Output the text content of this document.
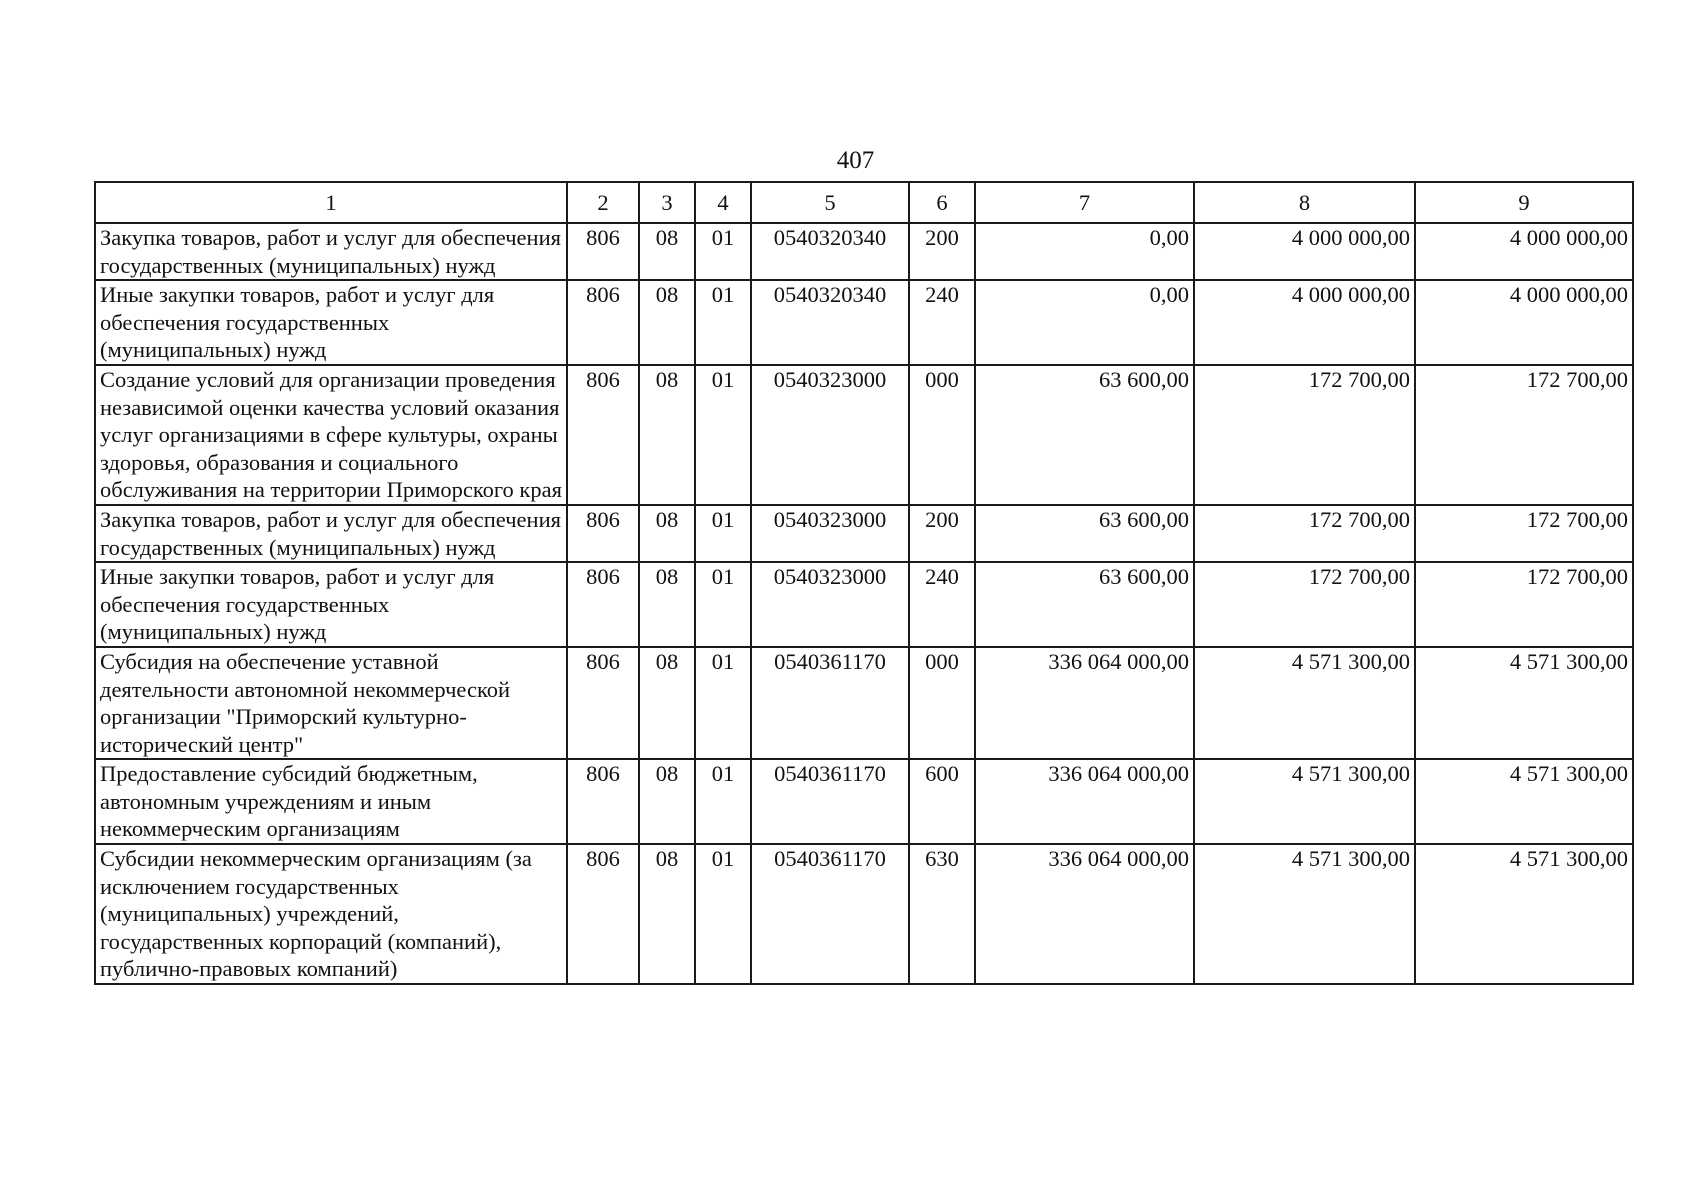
407
1	2	3	4	5	6	7	8	9
Закупка товаров, работ и услуг для обеспечения государственных (муниципальных) нужд	806	08	01	0540320340	200	0,00	4 000 000,00	4 000 000,00
Иные закупки товаров, работ и услуг для обеспечения государственных (муниципальных) нужд	806	08	01	0540320340	240	0,00	4 000 000,00	4 000 000,00
Создание условий для организации проведения независимой оценки качества условий оказания услуг организациями в сфере культуры, охраны здоровья, образования и социального обслуживания на территории Приморского края	806	08	01	0540323000	000	63 600,00	172 700,00	172 700,00
Закупка товаров, работ и услуг для обеспечения государственных (муниципальных) нужд	806	08	01	0540323000	200	63 600,00	172 700,00	172 700,00
Иные закупки товаров, работ и услуг для обеспечения государственных (муниципальных) нужд	806	08	01	0540323000	240	63 600,00	172 700,00	172 700,00
Субсидия на обеспечение уставной деятельности автономной некоммерческой организации "Приморский культурно-исторический центр"	806	08	01	0540361170	000	336 064 000,00	4 571 300,00	4 571 300,00
Предоставление субсидий бюджетным, автономным учреждениям и иным некоммерческим организациям	806	08	01	0540361170	600	336 064 000,00	4 571 300,00	4 571 300,00
Субсидии некоммерческим организациям (за исключением государственных (муниципальных) учреждений, государственных корпораций (компаний), публично-правовых компаний)	806	08	01	0540361170	630	336 064 000,00	4 571 300,00	4 571 300,00
